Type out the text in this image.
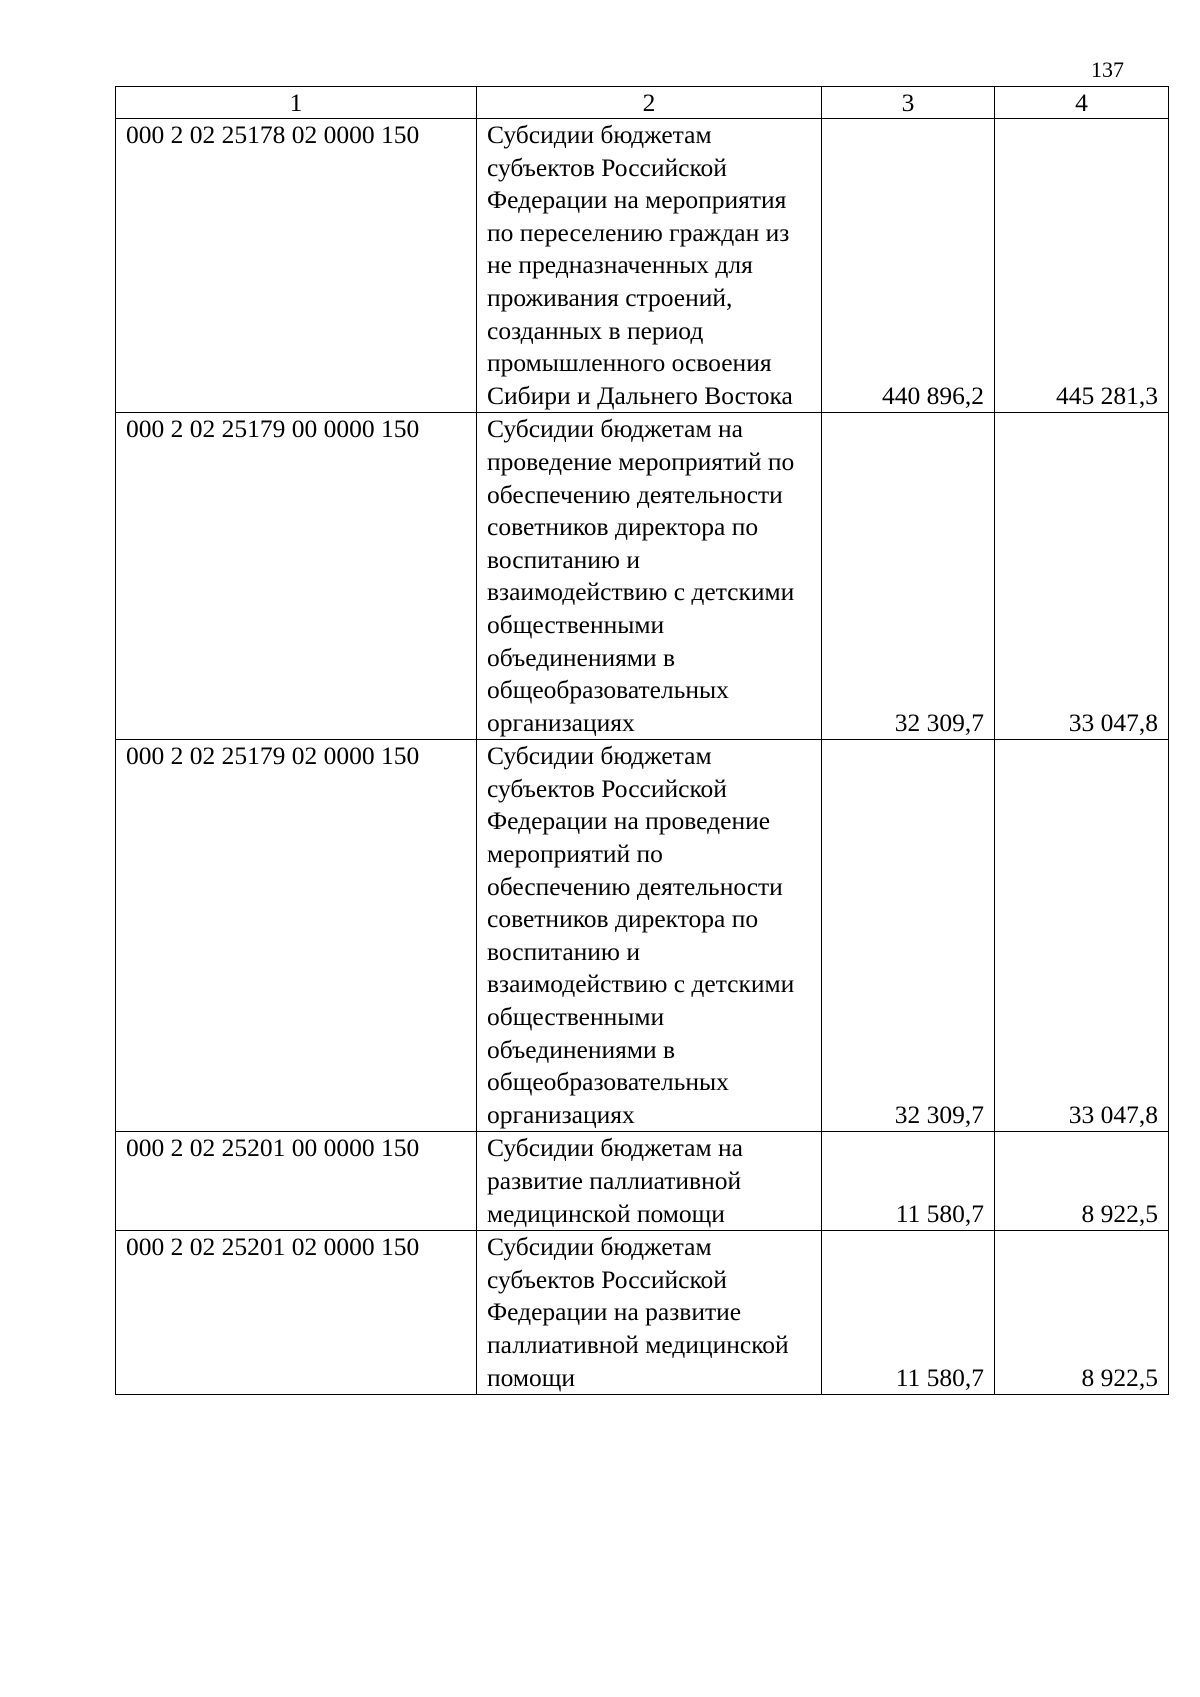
137
1	2	3	4
000 2 02 25178 02 0000 150	Субсидии бюджетам субъектов Российской Федерации на мероприятия по переселению граждан из не предназначенных для проживания строений, созданных в период промышленного освоения Сибири и Дальнего Востока	440 896,2	445 281,3
000 2 02 25179 00 0000 150	Субсидии бюджетам на проведение мероприятий по обеспечению деятельности советников директора по воспитанию и взаимодействию с детскими общественными объединениями в общеобразовательных организациях	32 309,7	33 047,8
000 2 02 25179 02 0000 150	Субсидии бюджетам субъектов Российской Федерации на проведение мероприятий по обеспечению деятельности советников директора по воспитанию и взаимодействию с детскими общественными объединениями в общеобразовательных организациях	32 309,7	33 047,8
000 2 02 25201 00 0000 150	Субсидии бюджетам на развитие паллиативной медицинской помощи	11 580,7	8 922,5
000 2 02 25201 02 0000 150	Субсидии бюджетам субъектов Российской Федерации на развитие паллиативной медицинской помощи	11 580,7	8 922,5
